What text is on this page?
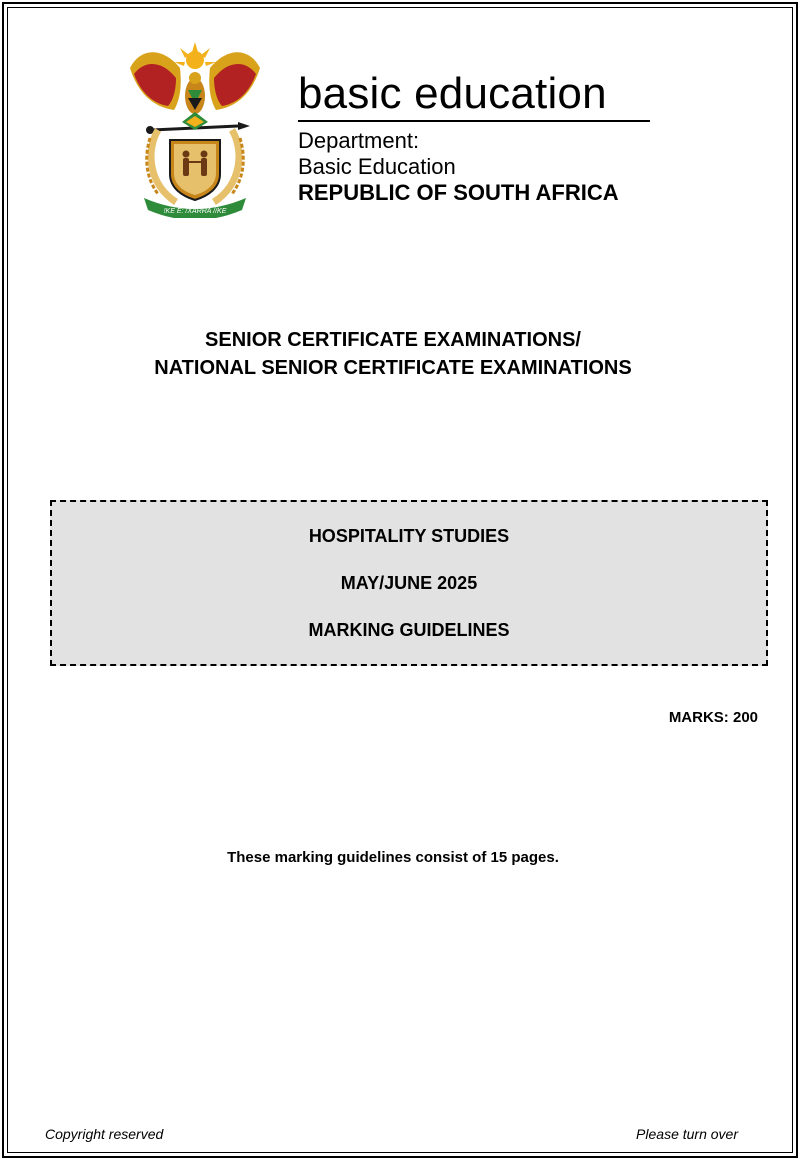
!KE E: /XARRA //KE
basic education
Department:
Basic Education
REPUBLIC OF SOUTH AFRICA
SENIOR CERTIFICATE EXAMINATIONS/
NATIONAL SENIOR CERTIFICATE EXAMINATIONS
HOSPITALITY STUDIES
MAY/JUNE 2025
MARKING GUIDELINES
MARKS: 200
These marking guidelines consist of 15 pages.
Copyright reserved	Please turn over
